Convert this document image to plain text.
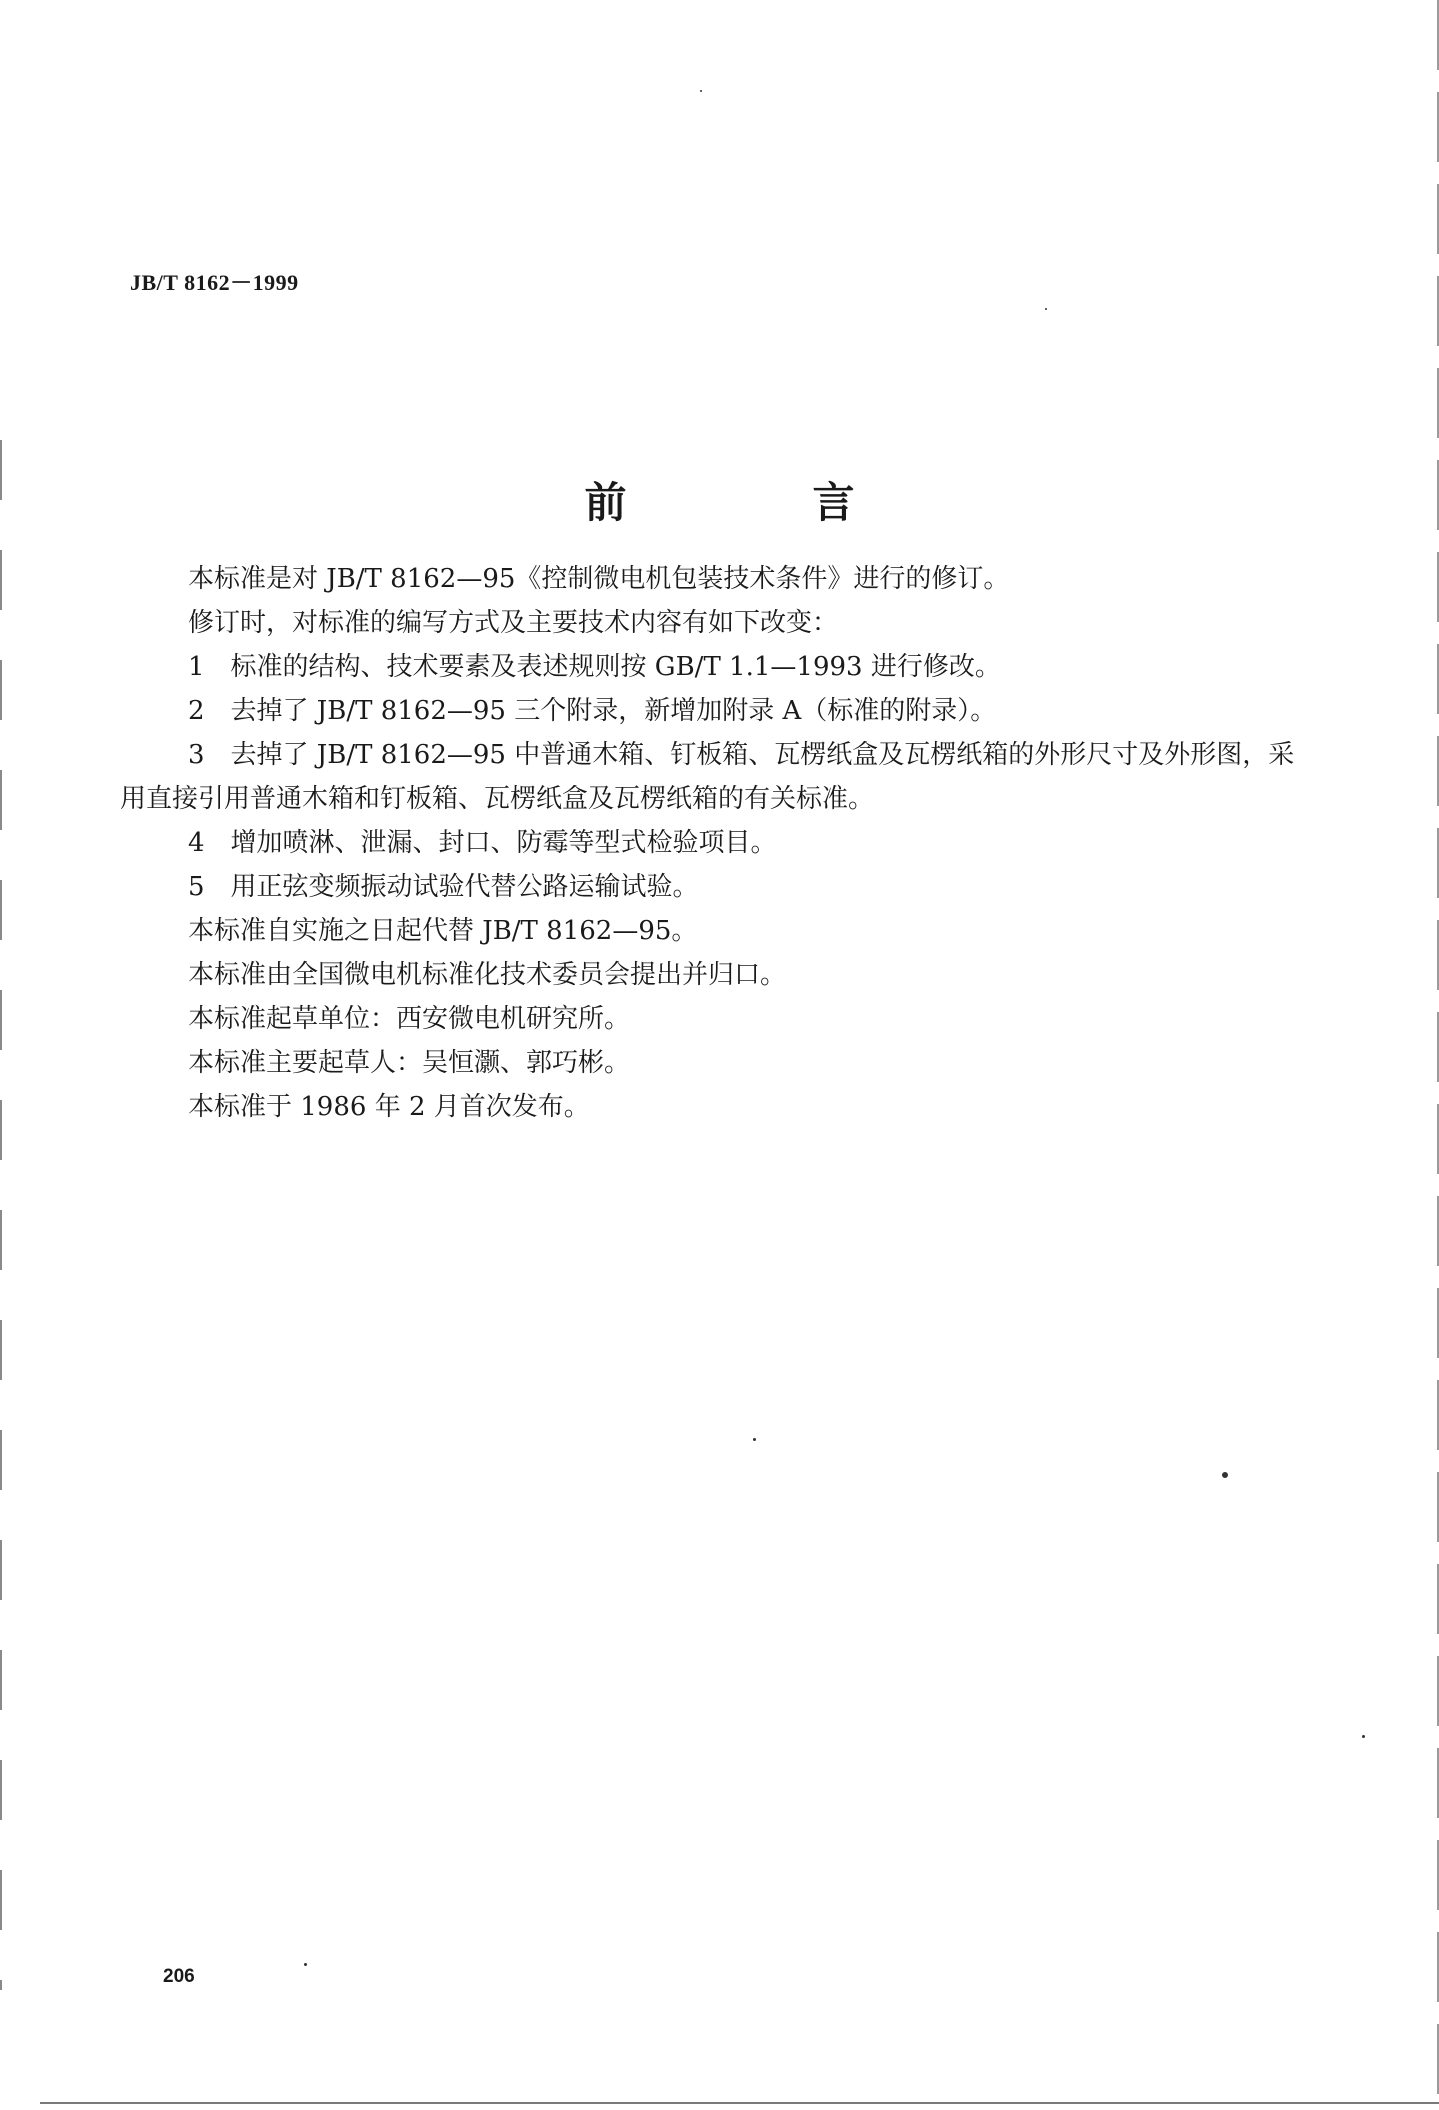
JB/T 8162－1999
前　言

本标准是对 JB/T 8162—95《控制微电机包装技术条件》进行的修订。

修订时，对标准的编写方式及主要技术内容有如下改变：

1　标准的结构、技术要素及表述规则按 GB/T 1.1—1993 进行修改。

2　去掉了 JB/T 8162—95 三个附录，新增加附录 A（标准的附录）。

3　去掉了 JB/T 8162—95 中普通木箱、钉板箱、瓦楞纸盒及瓦楞纸箱的外形尺寸及外形图，采用直接引用普通木箱和钉板箱、瓦楞纸盒及瓦楞纸箱的有关标准。

4　增加喷淋、泄漏、封口、防霉等型式检验项目。

5　用正弦变频振动试验代替公路运输试验。

本标准自实施之日起代替 JB/T 8162—95。

本标准由全国微电机标准化技术委员会提出并归口。

本标准起草单位：西安微电机研究所。

本标准主要起草人：吴恒灏、郭巧彬。

本标准于 1986 年 2 月首次发布。

206
